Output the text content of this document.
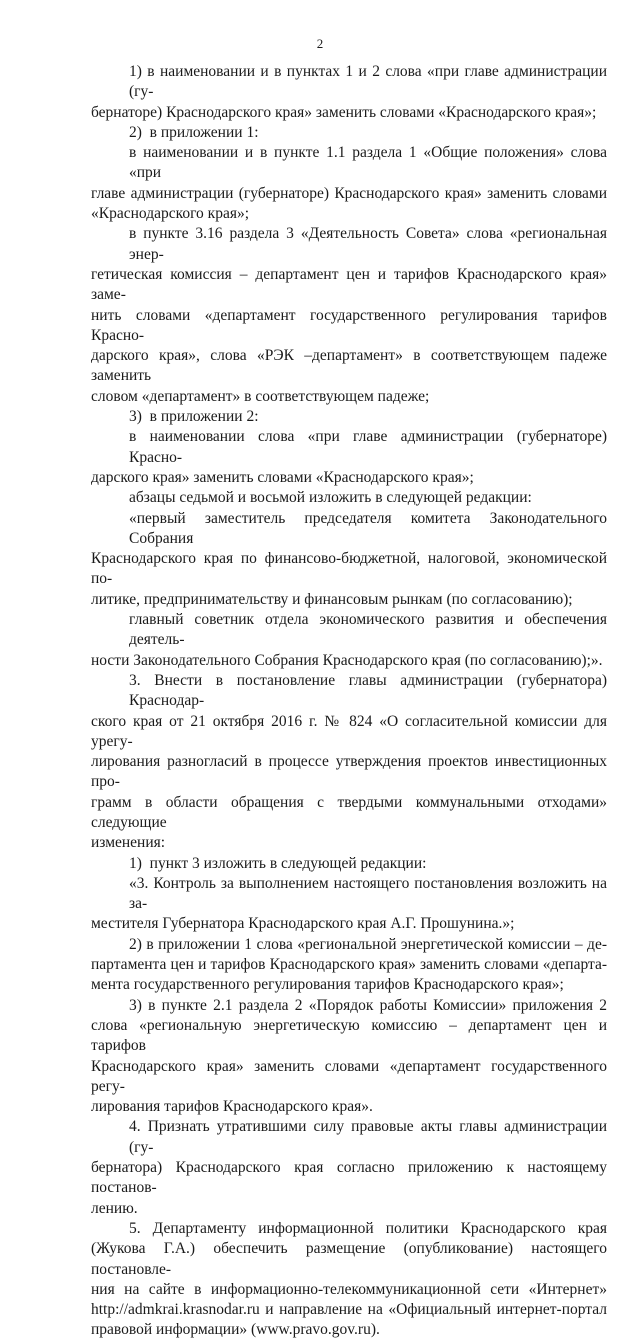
2
1) в наименовании и в пунктах 1 и 2 слова «при главе администрации (гу-
бернаторе) Краснодарского края» заменить словами «Краснодарского края»;
2)  в приложении 1:
в наименовании и в пункте 1.1 раздела 1 «Общие положения» слова «при
главе администрации (губернаторе) Краснодарского края» заменить словами
«Краснодарского края»;
в пункте 3.16 раздела 3 «Деятельность Совета» слова «региональная энер-
гетическая комиссия – департамент цен и тарифов Краснодарского края» заме-
нить словами «департамент государственного регулирования тарифов Красно-
дарского края», слова «РЭК –департамент» в соответствующем падеже заменить
словом «департамент» в соответствующем падеже;
3)  в приложении 2:
в наименовании слова «при главе администрации (губернаторе) Красно-
дарского края» заменить словами «Краснодарского края»;
абзацы седьмой и восьмой изложить в следующей редакции:
«первый заместитель председателя комитета Законодательного Собрания
Краснодарского края по финансово-бюджетной, налоговой, экономической по-
литике, предпринимательству и финансовым рынкам (по согласованию);
главный советник отдела экономического развития и обеспечения деятель-
ности Законодательного Собрания Краснодарского края (по согласованию);».
3. Внести в постановление главы администрации (губернатора) Краснодар-
ского края от 21 октября 2016 г. № 824 «О согласительной комиссии для урегу-
лирования разногласий в процессе утверждения проектов инвестиционных про-
грамм в области обращения с твердыми коммунальными отходами» следующие
изменения:
1)  пункт 3 изложить в следующей редакции:
«3. Контроль за выполнением настоящего постановления возложить на за-
местителя Губернатора Краснодарского края А.Г. Прошунина.»;
2) в приложении 1 слова «региональной энергетической комиссии – де-
партамента цен и тарифов Краснодарского края» заменить словами «департа-
мента государственного регулирования тарифов Краснодарского края»;
3) в пункте 2.1 раздела 2 «Порядок работы Комиссии» приложения 2
слова «региональную энергетическую комиссию – департамент цен и тарифов
Краснодарского края» заменить словами «департамент государственного регу-
лирования тарифов Краснодарского края».
4. Признать утратившими силу правовые акты главы администрации (гу-
бернатора) Краснодарского края согласно приложению к настоящему постанов-
лению.
5. Департаменту информационной политики Краснодарского края
(Жукова Г.А.) обеспечить размещение (опубликование) настоящего постановле-
ния на сайте в информационно-телекоммуникационной сети «Интернет»
http://admkrai.krasnodar.ru и направление на «Официальный интернет-портал
правовой информации» (www.pravo.gov.ru).
